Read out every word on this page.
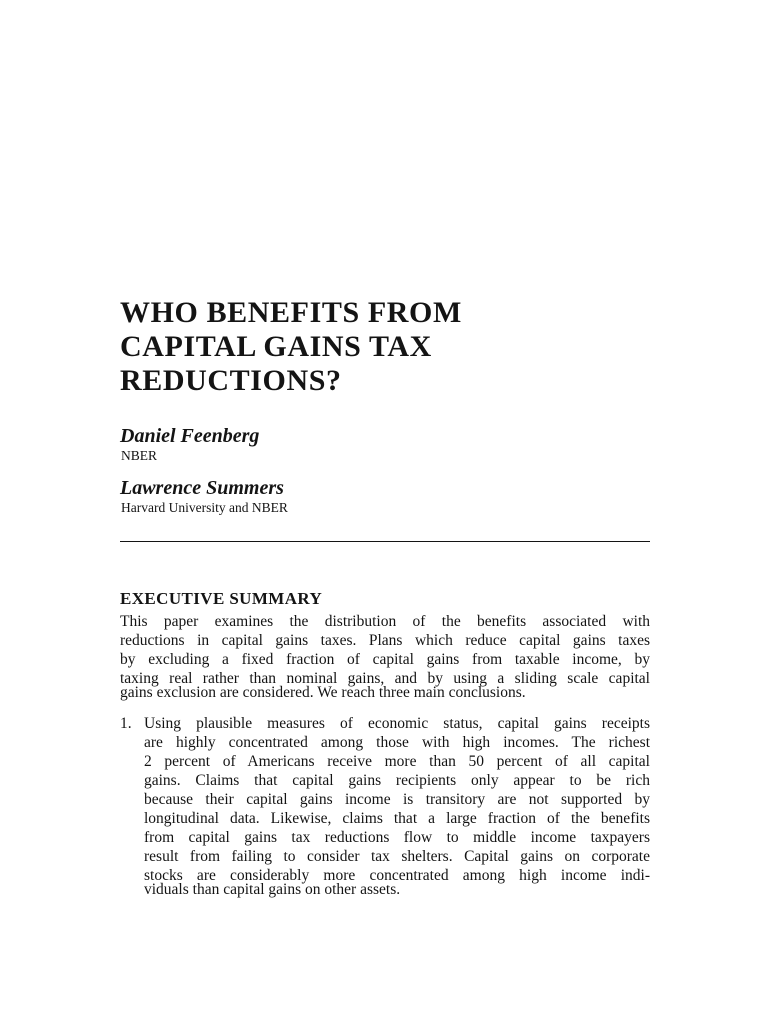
WHO BENEFITS FROM
CAPITAL GAINS TAX
REDUCTIONS?
Daniel Feenberg
NBER
Lawrence Summers
Harvard University and NBER
EXECUTIVE SUMMARY
This paper examines the distribution of the benefits associated with
reductions in capital gains taxes. Plans which reduce capital gains taxes
by excluding a fixed fraction of capital gains from taxable income, by
taxing real rather than nominal gains, and by using a sliding scale capital
gains exclusion are considered. We reach three main conclusions.
1. Using plausible measures of economic status, capital gains receipts
are highly concentrated among those with high incomes. The richest
2 percent of Americans receive more than 50 percent of all capital
gains. Claims that capital gains recipients only appear to be rich
because their capital gains income is transitory are not supported by
longitudinal data. Likewise, claims that a large fraction of the benefits
from capital gains tax reductions flow to middle income taxpayers
result from failing to consider tax shelters. Capital gains on corporate
stocks are considerably more concentrated among high income indi-
viduals than capital gains on other assets.
